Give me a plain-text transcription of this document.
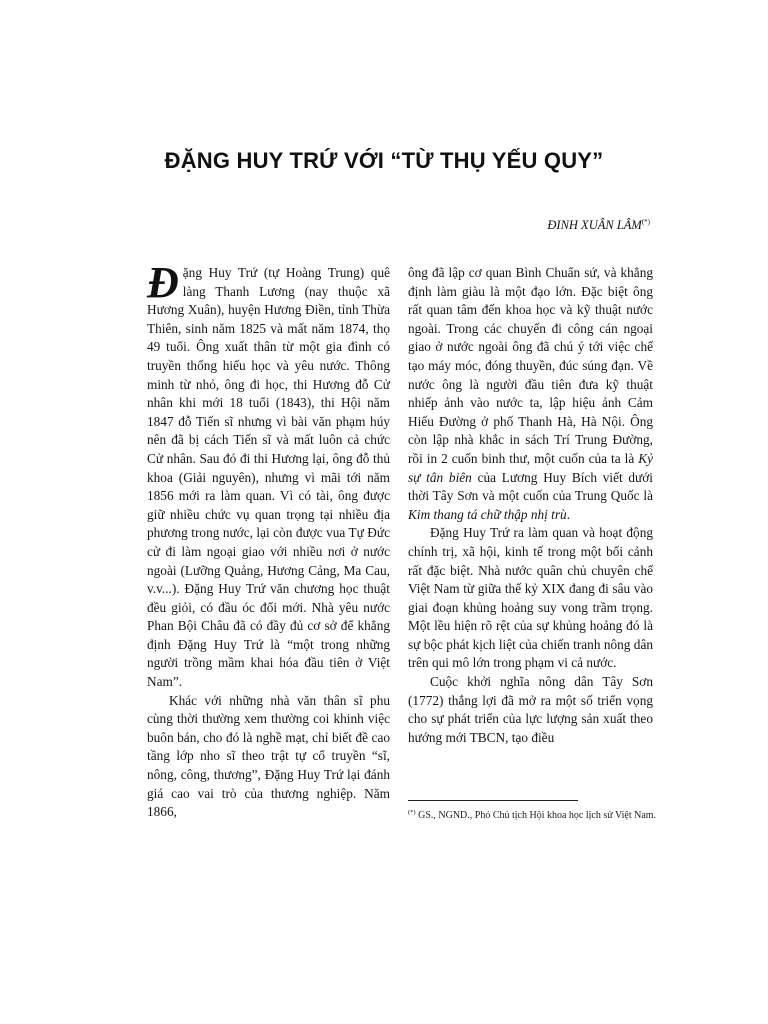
ĐẶNG HUY TRỨ VỚI “TỪ THỤ YẾU QUY”

ĐINH XUÂN LÂM(*)

Đặng Huy Trứ (tự Hoàng Trung) quê làng Thanh Lương (nay thuộc xã Hương Xuân), huyện Hương Điền, tỉnh Thừa Thiên, sinh năm 1825 và mất năm 1874, thọ 49 tuổi. Ông xuất thân từ một gia đình có truyền thống hiếu học và yêu nước. Thông minh từ nhỏ, ông đi học, thi Hương đỗ Cử nhân khi mới 18 tuổi (1843), thi Hội năm 1847 đỗ Tiến sĩ nhưng vì bài văn phạm húy nên đã bị cách Tiến sĩ và mất luôn cả chức Cử nhân. Sau đó đi thi Hương lại, ông đỗ thủ khoa (Giải nguyên), nhưng vì mãi tới năm 1856 mới ra làm quan. Vì có tài, ông được giữ nhiều chức vụ quan trọng tại nhiều địa phương trong nước, lại còn được vua Tự Đức cử đi làm ngoại giao với nhiều nơi ở nước ngoài (Lưỡng Quảng, Hương Cảng, Ma Cau, v.v...). Đặng Huy Trứ văn chương học thuật đều giỏi, có đầu óc đổi mới. Nhà yêu nước Phan Bội Châu đã có đầy đủ cơ sở để khẳng định Đặng Huy Trứ là “một trong những người trồng mầm khai hóa đầu tiên ở Việt Nam”.

Khác với những nhà văn thân sĩ phu cùng thời thường xem thường coi khinh việc buôn bán, cho đó là nghề mạt, chỉ biết đề cao tầng lớp nho sĩ theo trật tự cổ truyền “sĩ, nông, công, thương”, Đặng Huy Trứ lại đánh giá cao vai trò của thương nghiệp. Năm 1866,

ông đã lập cơ quan Bình Chuẩn sứ, và khẳng định làm giàu là một đạo lớn. Đặc biệt ông rất quan tâm đến khoa học và kỹ thuật nước ngoài. Trong các chuyến đi công cán ngoại giao ở nước ngoài ông đã chú ý tới việc chế tạo máy móc, đóng thuyền, đúc súng đạn. Về nước ông là người đầu tiên đưa kỹ thuật nhiếp ảnh vào nước ta, lập hiệu ảnh Cảm Hiếu Đường ở phố Thanh Hà, Hà Nội. Ông còn lập nhà khắc in sách Trí Trung Đường, rồi in 2 cuốn binh thư, một cuốn của ta là Kỷ sự tân biên của Lương Huy Bích viết dưới thời Tây Sơn và một cuốn của Trung Quốc là Kim thang tá chữ thập nhị trù.

Đặng Huy Trứ ra làm quan và hoạt động chính trị, xã hội, kinh tế trong một bối cảnh rất đặc biệt. Nhà nước quân chủ chuyên chế Việt Nam từ giữa thế kỷ XIX đang đi sâu vào giai đoạn khủng hoảng suy vong trầm trọng. Một lều hiện rõ rệt của sự khủng hoảng đó là sự bộc phát kịch liệt của chiến tranh nông dân trên qui mô lớn trong phạm vi cả nước.

Cuộc khởi nghĩa nông dân Tây Sơn (1772) thắng lợi đã mở ra một số triển vọng cho sự phát triển của lực lượng sản xuất theo hướng mới TBCN, tạo điều

(*) GS., NGND., Phó Chủ tịch Hội khoa học lịch sử Việt Nam.
